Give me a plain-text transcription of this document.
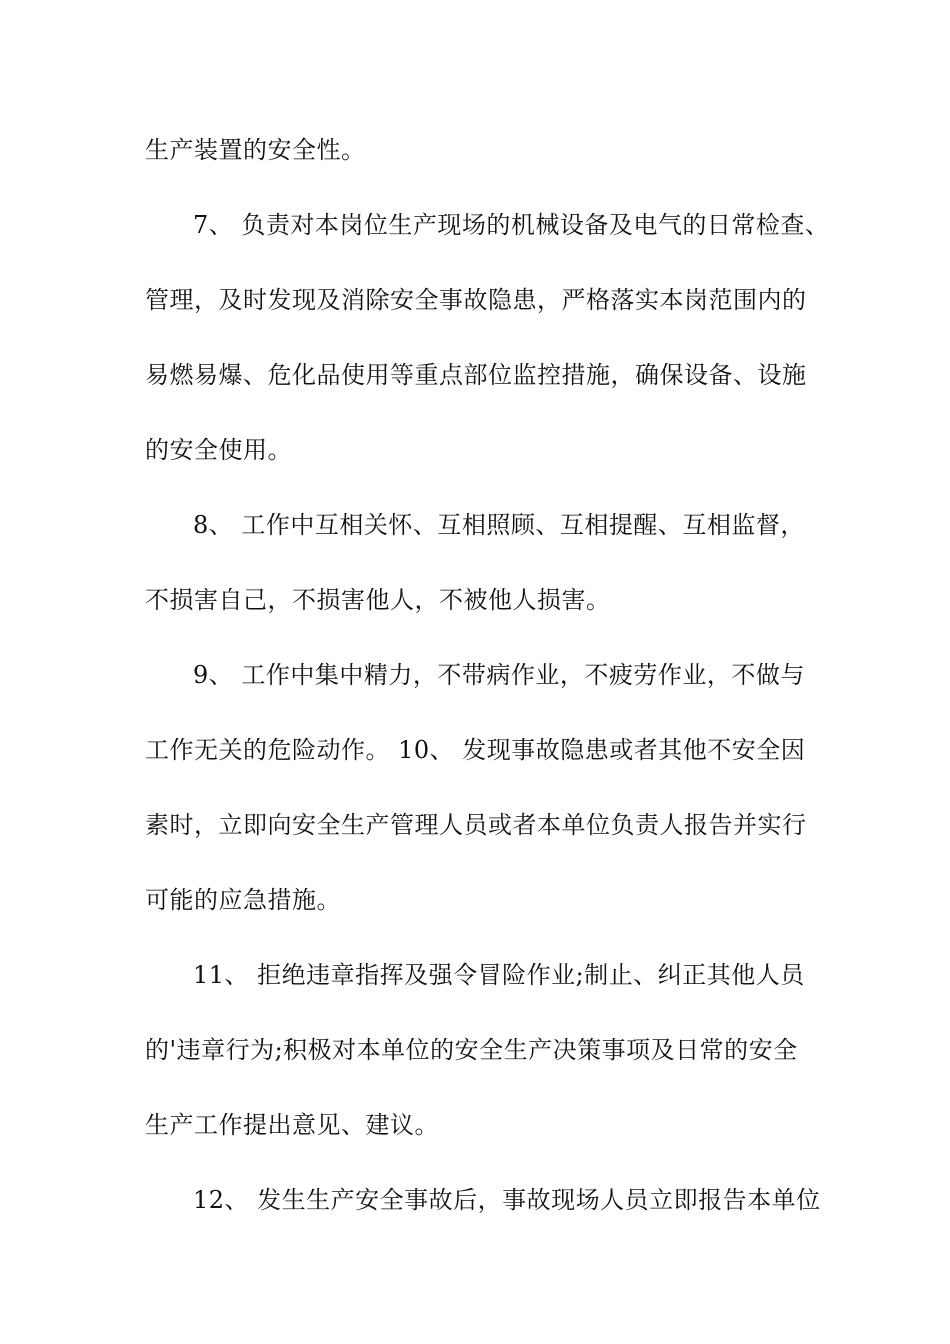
生产装置的安全性。
7、 负责对本岗位生产现场的机械设备及电气的日常检查、
管理，及时发现及消除安全事故隐患，严格落实本岗范围内的
易燃易爆、危化品使用等重点部位监控措施，确保设备、设施
的安全使用。
8、 工作中互相关怀、互相照顾、互相提醒、互相监督，
不损害自己，不损害他人，不被他人损害。
9、 工作中集中精力，不带病作业，不疲劳作业，不做与
工作无关的危险动作。 10、 发现事故隐患或者其他不安全因
素时，立即向安全生产管理人员或者本单位负责人报告并实行
可能的应急措施。
11、 拒绝违章指挥及强令冒险作业;制止、纠正其他人员
的'违章行为;积极对本单位的安全生产决策事项及日常的安全
生产工作提出意见、建议。
12、 发生生产安全事故后，事故现场人员立即报告本单位
